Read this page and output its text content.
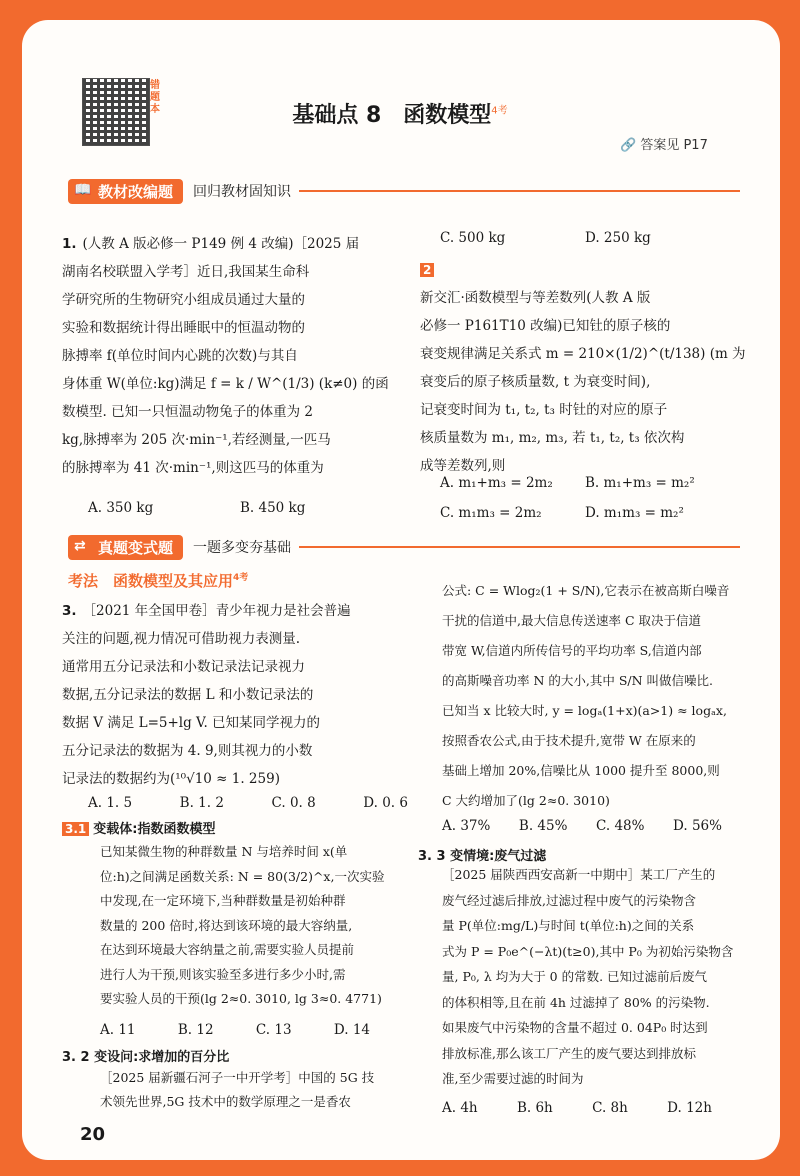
错题本	基础点 8　函数模型$^{4考}$
🔗 答案见 P17
📖 教材改编题	回归教材固知识
1. (人教 A 版必修一 P149 例 4 改编)［2025 届

湖南名校联盟入学考］近日,我国某生命科
学研究所的生物研究小组成员通过大量的
实验和数据统计得出睡眠中的恒温动物的
脉搏率 f(单位时间内心跳的次数)与其自
身体重 W(单位:kg)满足 f = k / W^(1/3) (k≠0) 的函
数模型. 已知一只恒温动物兔子的体重为 2
kg,脉搏率为 205 次·min⁻¹,若经测量,一匹马
的脉搏率为 41 次·min⁻¹,则这匹马的体重为
A. 350 kg	B. 450 kg
C. 500 kg	D. 250 kg
2
新交汇·函数模型与等差数列(人教 A 版
必修一 P161T10 改编)已知钍的原子核的
衰变规律满足关系式 m = 210×(1/2)^(t/138) (m 为
衰变后的原子核质量数, t 为衰变时间),
记衰变时间为 t₁, t₂, t₃ 时钍的对应的原子
核质量数为 m₁, m₂, m₃, 若 t₁, t₂, t₃ 依次构
成等差数列,则
A. m₁+m₃ = 2m₂ B. m₁+m₃ = m₂²
C. m₁m₃ = 2m₂	D. m₁m₃ = m₂²
⇄ 真题变式题	一题多变夯基础
考法　函数模型及其应用$^{4考}$
3. ［2021 年全国甲卷］青少年视力是社会普遍

关注的问题,视力情况可借助视力表测量.
通常用五分记录法和小数记录法记录视力
数据,五分记录法的数据 L 和小数记录法的
数据 V 满足 L=5+lg V. 已知某同学视力的
五分记录法的数据为 4. 9,则其视力的小数
记录法的数据约为(¹⁰√10 ≈ 1. 259)
A. 1. 5	B. 1. 2	C. 0. 8	D. 0. 6
3.1 变载体:指数函数模型
已知某微生物的种群数量 N 与培养时间 x(单
位:h)之间满足函数关系: N = 80(3/2)^x,一次实验
中发现,在一定环境下,当种群数量是初始种群
数量的 200 倍时,将达到该环境的最大容纳量,
在达到环境最大容纳量之前,需要实验人员提前
进行人为干预,则该实验至多进行多少小时,需
要实验人员的干预(lg 2≈0. 3010, lg 3≈0. 4771)
A. 11	B. 12	C. 13	D. 14
3. 2 变设问:求增加的百分比
［2025 届新疆石河子一中开学考］中国的 5G 技
术领先世界,5G 技术中的数学原理之一是香农
公式: C = Wlog₂(1 + S/N),它表示在被高斯白噪音
干扰的信道中,最大信息传送速率 C 取决于信道
带宽 W,信道内所传信号的平均功率 S,信道内部
的高斯噪音功率 N 的大小,其中 S/N 叫做信噪比.
已知当 x 比较大时, y = logₐ(1+x)(a>1) ≈ logₐx,
按照香农公式,由于技术提升,宽带 W 在原来的
基础上增加 20%,信噪比从 1000 提升至 8000,则
C 大约增加了(lg 2≈0. 3010)
A. 37% B. 45% C. 48% D. 56%
3. 3 变情境:废气过滤
［2025 届陕西西安高新一中期中］某工厂产生的
废气经过滤后排放,过滤过程中废气的污染物含
量 P(单位:mg/L)与时间 t(单位:h)之间的关系
式为 P = P₀e^(−λt)(t≥0),其中 P₀ 为初始污染物含
量, P₀, λ 均为大于 0 的常数. 已知过滤前后废气
的体积相等,且在前 4h 过滤掉了 80% 的污染物.
如果废气中污染物的含量不超过 0. 04P₀ 时达到
排放标准,那么该工厂产生的废气要达到排放标
准,至少需要过滤的时间为
A. 4h	B. 6h	C. 8h	D. 12h
20
